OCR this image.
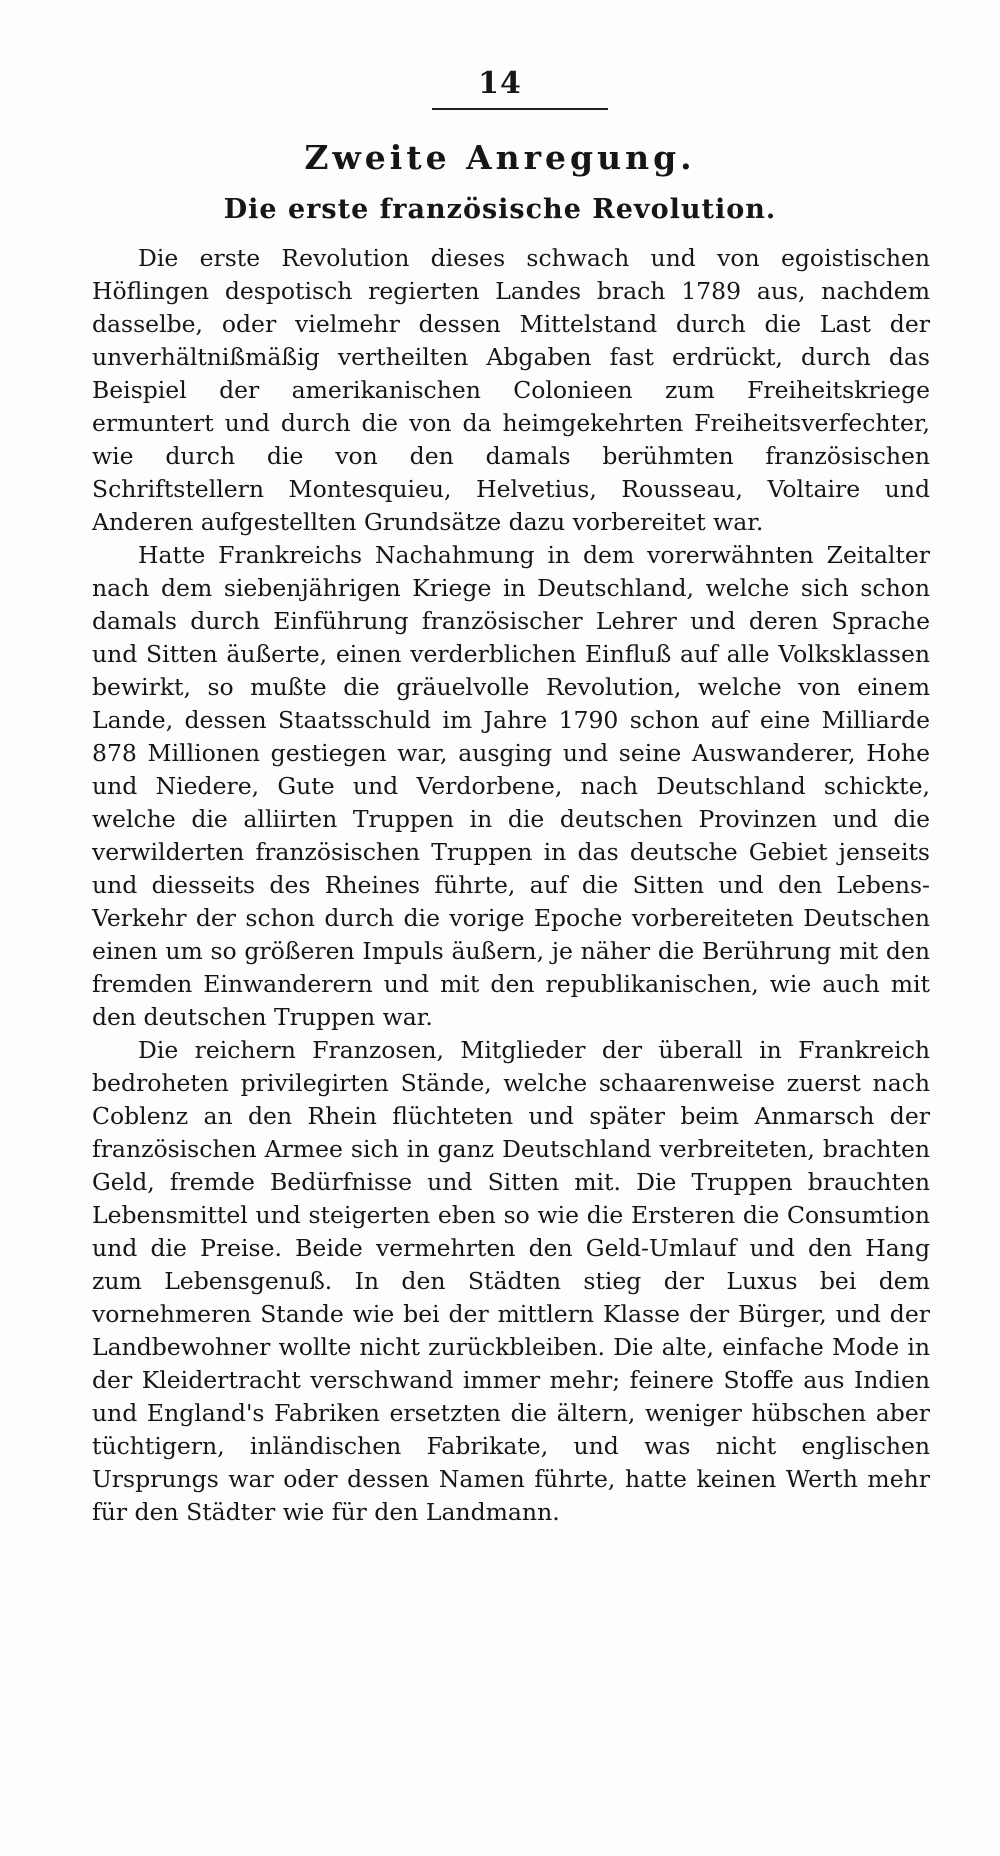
14
Zweite Anregung.
Die erste französische Revolution.

Die erste Revolution dieses schwach und von egoistischen Höflingen despotisch regierten Landes brach 1789 aus, nachdem dasselbe, oder vielmehr dessen Mittelstand durch die Last der unverhältnißmäßig vertheilten Abgaben fast erdrückt, durch das Beispiel der amerikanischen Colonieen zum Freiheitskriege ermuntert und durch die von da heimgekehrten Freiheitsverfechter, wie durch die von den damals berühmten französischen Schriftstellern Montesquieu, Helvetius, Rousseau, Voltaire und Anderen aufgestellten Grundsätze dazu vorbereitet war.

Hatte Frankreichs Nachahmung in dem vorerwähnten Zeitalter nach dem siebenjährigen Kriege in Deutschland, welche sich schon damals durch Einführung französischer Lehrer und deren Sprache und Sitten äußerte, einen verderblichen Einfluß auf alle Volksklassen bewirkt, so mußte die gräuelvolle Revolution, welche von einem Lande, dessen Staatsschuld im Jahre 1790 schon auf eine Milliarde 878 Millionen gestiegen war, ausging und seine Auswanderer, Hohe und Niedere, Gute und Verdorbene, nach Deutschland schickte, welche die alliirten Truppen in die deutschen Provinzen und die verwilderten französischen Truppen in das deutsche Gebiet jenseits und diesseits des Rheines führte, auf die Sitten und den Lebens-Verkehr der schon durch die vorige Epoche vorbereiteten Deutschen einen um so größeren Impuls äußern, je näher die Berührung mit den fremden Einwanderern und mit den republikanischen, wie auch mit den deutschen Truppen war.

Die reichern Franzosen, Mitglieder der überall in Frankreich bedroheten privilegirten Stände, welche schaarenweise zuerst nach Coblenz an den Rhein flüchteten und später beim Anmarsch der französischen Armee sich in ganz Deutschland verbreiteten, brachten Geld, fremde Bedürfnisse und Sitten mit. Die Truppen brauchten Lebensmittel und steigerten eben so wie die Ersteren die Consumtion und die Preise. Beide vermehrten den Geld-Umlauf und den Hang zum Lebensgenuß. In den Städten stieg der Luxus bei dem vornehmeren Stande wie bei der mittlern Klasse der Bürger, und der Landbewohner wollte nicht zurückbleiben. Die alte, einfache Mode in der Kleidertracht verschwand immer mehr; feinere Stoffe aus Indien und England's Fabriken ersetzten die ältern, weniger hübschen aber tüchtigern, inländischen Fabrikate, und was nicht englischen Ursprungs war oder dessen Namen führte, hatte keinen Werth mehr für den Städter wie für den Landmann.
